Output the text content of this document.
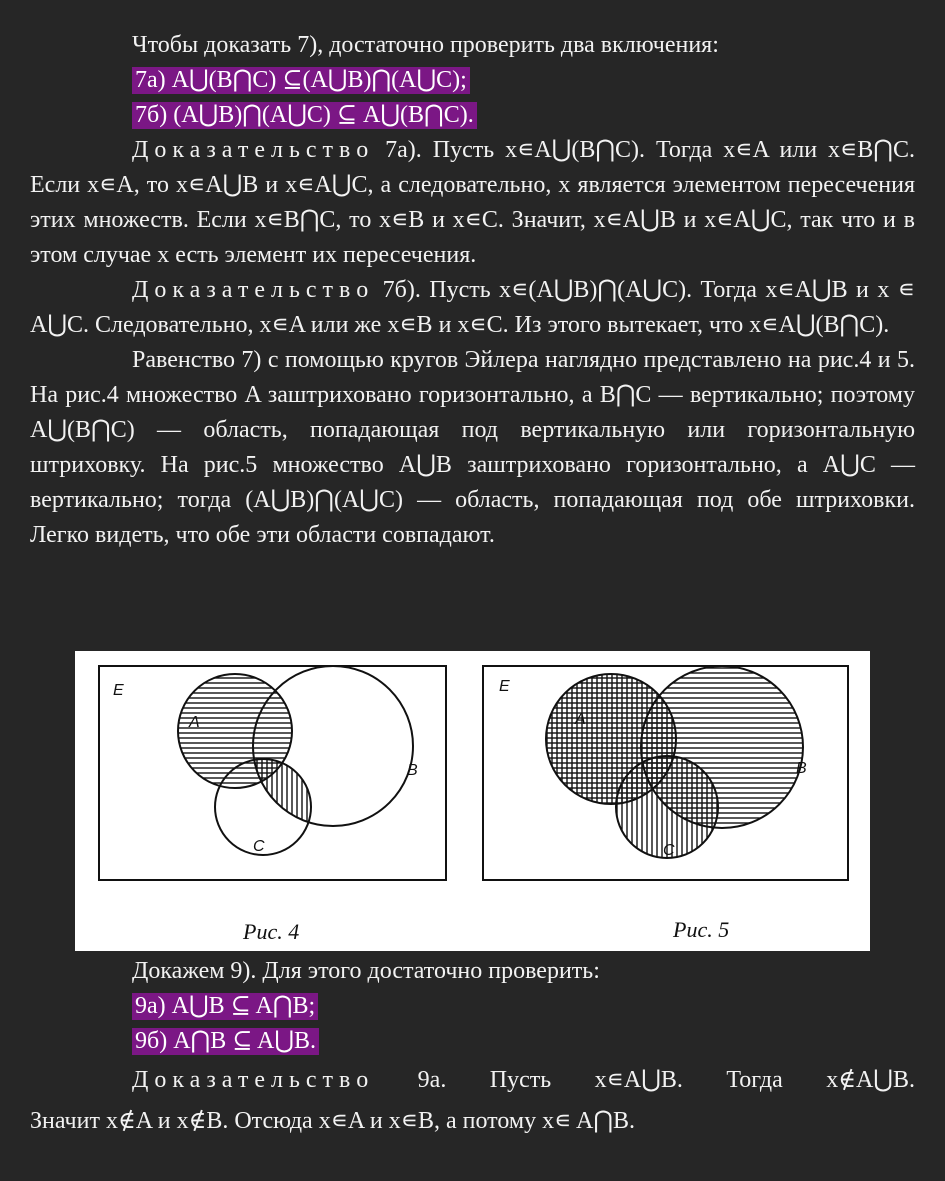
Чтобы доказать 7), достаточно проверить два включения:

7а) A⋃(B⋂C) ⊆(A⋃B)⋂(A⋃C);
7б) (A⋃B)⋂(A⋃C) ⊆ A⋃(B⋂C).

Доказательство 7а). Пусть x∊A⋃(B⋂C). Тогда x∊A или x∊B⋂C. Если x∊A, то x∊A⋃B и x∊A⋃C, а следовательно, x является элементом пересечения этих множеств. Если x∊B⋂C, то x∊B и x∊C. Значит, x∊A⋃B и x∊A⋃C, так что и в этом случае x есть элемент их пересечения.

Доказательство 7б). Пусть x∊(A⋃B)⋂(A⋃C). Тогда x∊A⋃B и x ∊ A⋃C. Следовательно, x∊A или же x∊B и x∊C. Из этого вытекает, что x∊A⋃(B⋂C).

Равенство 7) с помощью кругов Эйлера наглядно представлено на рис.4 и 5. На рис.4 множество A заштриховано горизонтально, а B⋂C — вертикально; поэтому A⋃(B⋂C) — область, попадающая под вертикальную или горизонтальную штриховку. На рис.5 множество A⋃B заштриховано горизонтально, а A⋃C — вертикально; тогда (A⋃B)⋂(A⋃C) — область, попадающая под обе штриховки. Легко видеть, что обе эти области совпадают.

E
A
B
C
Рис. 4
E
A
B
C
Рис. 5

Докажем 9). Для этого достаточно проверить:

9а) A⋃B ⊆ A⋂B;
9б) A⋂B ⊆ A⋃B.

Доказательство 9а. Пусть x∊A⋃B. Тогда x∉A⋃B.

Значит x∉A и x∉B. Отсюда x∊A и x∊B, а потому x∊ A⋂B.
